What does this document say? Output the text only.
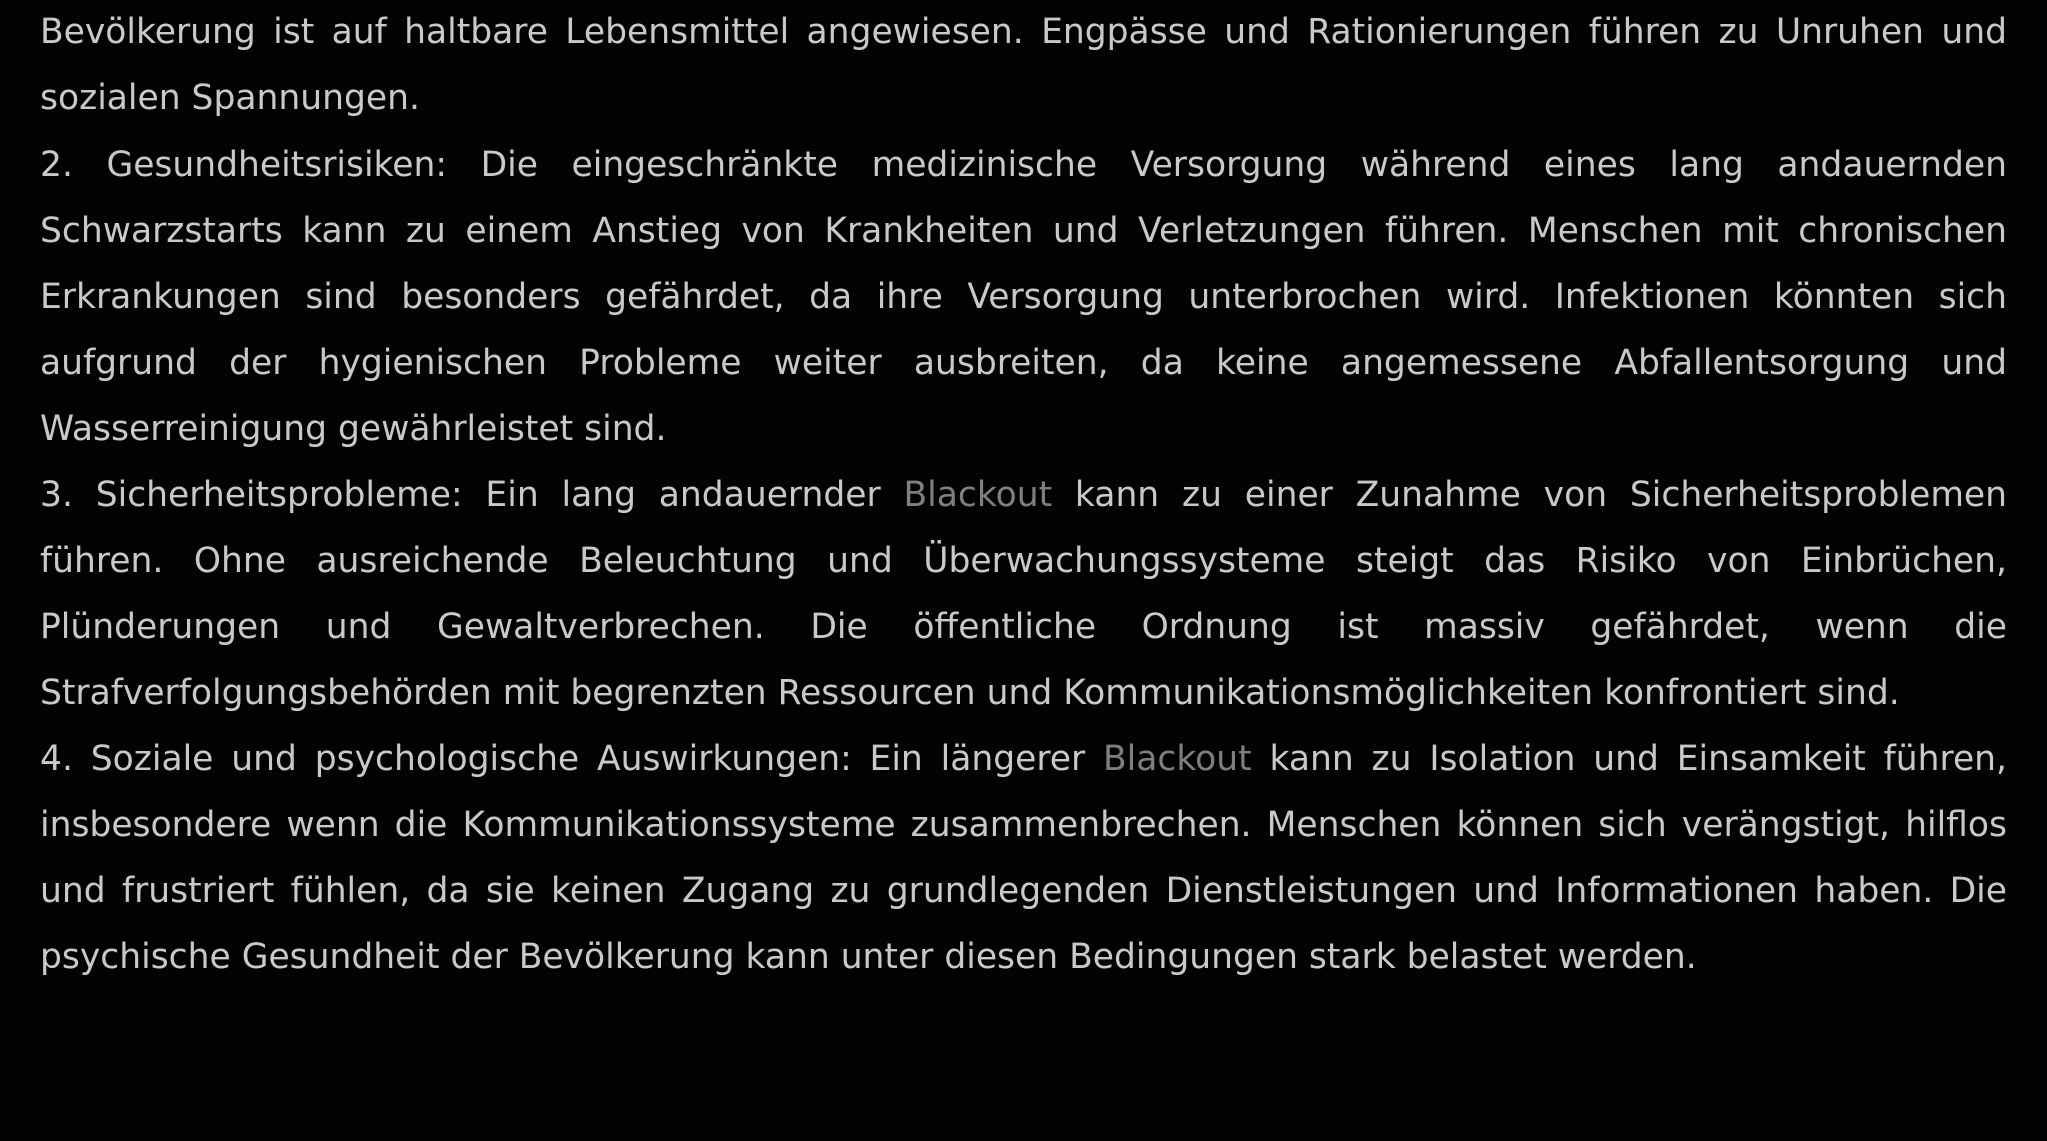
Bevölkerung ist auf haltbare Lebensmittel angewiesen. Engpässe und Rationierungen führen zu Unruhen und sozialen Spannungen.

2. Gesundheitsrisiken: Die eingeschränkte medizinische Versorgung während eines lang andauernden Schwarzstarts kann zu einem Anstieg von Krankheiten und Verletzungen führen. Menschen mit chronischen Erkrankungen sind besonders gefährdet, da ihre Versorgung unterbrochen wird. Infektionen könnten sich aufgrund der hygienischen Probleme weiter ausbreiten, da keine angemessene Abfallentsorgung und Wasserreinigung gewährleistet sind.

3. Sicherheitsprobleme: Ein lang andauernder Blackout kann zu einer Zunahme von Sicherheitsproblemen führen. Ohne ausreichende Beleuchtung und Überwachungssysteme steigt das Risiko von Einbrüchen, Plünderungen und Gewaltverbrechen. Die öffentliche Ordnung ist massiv gefährdet, wenn die Strafverfolgungsbehörden mit begrenzten Ressourcen und Kommunikationsmöglichkeiten konfrontiert sind.

4. Soziale und psychologische Auswirkungen: Ein längerer Blackout kann zu Isolation und Einsamkeit führen, insbesondere wenn die Kommunikationssysteme zusammenbrechen. Menschen können sich verängstigt, hilflos und frustriert fühlen, da sie keinen Zugang zu grundlegenden Dienstleistungen und Informationen haben. Die psychische Gesundheit der Bevölkerung kann unter diesen Bedingungen stark belastet werden.
